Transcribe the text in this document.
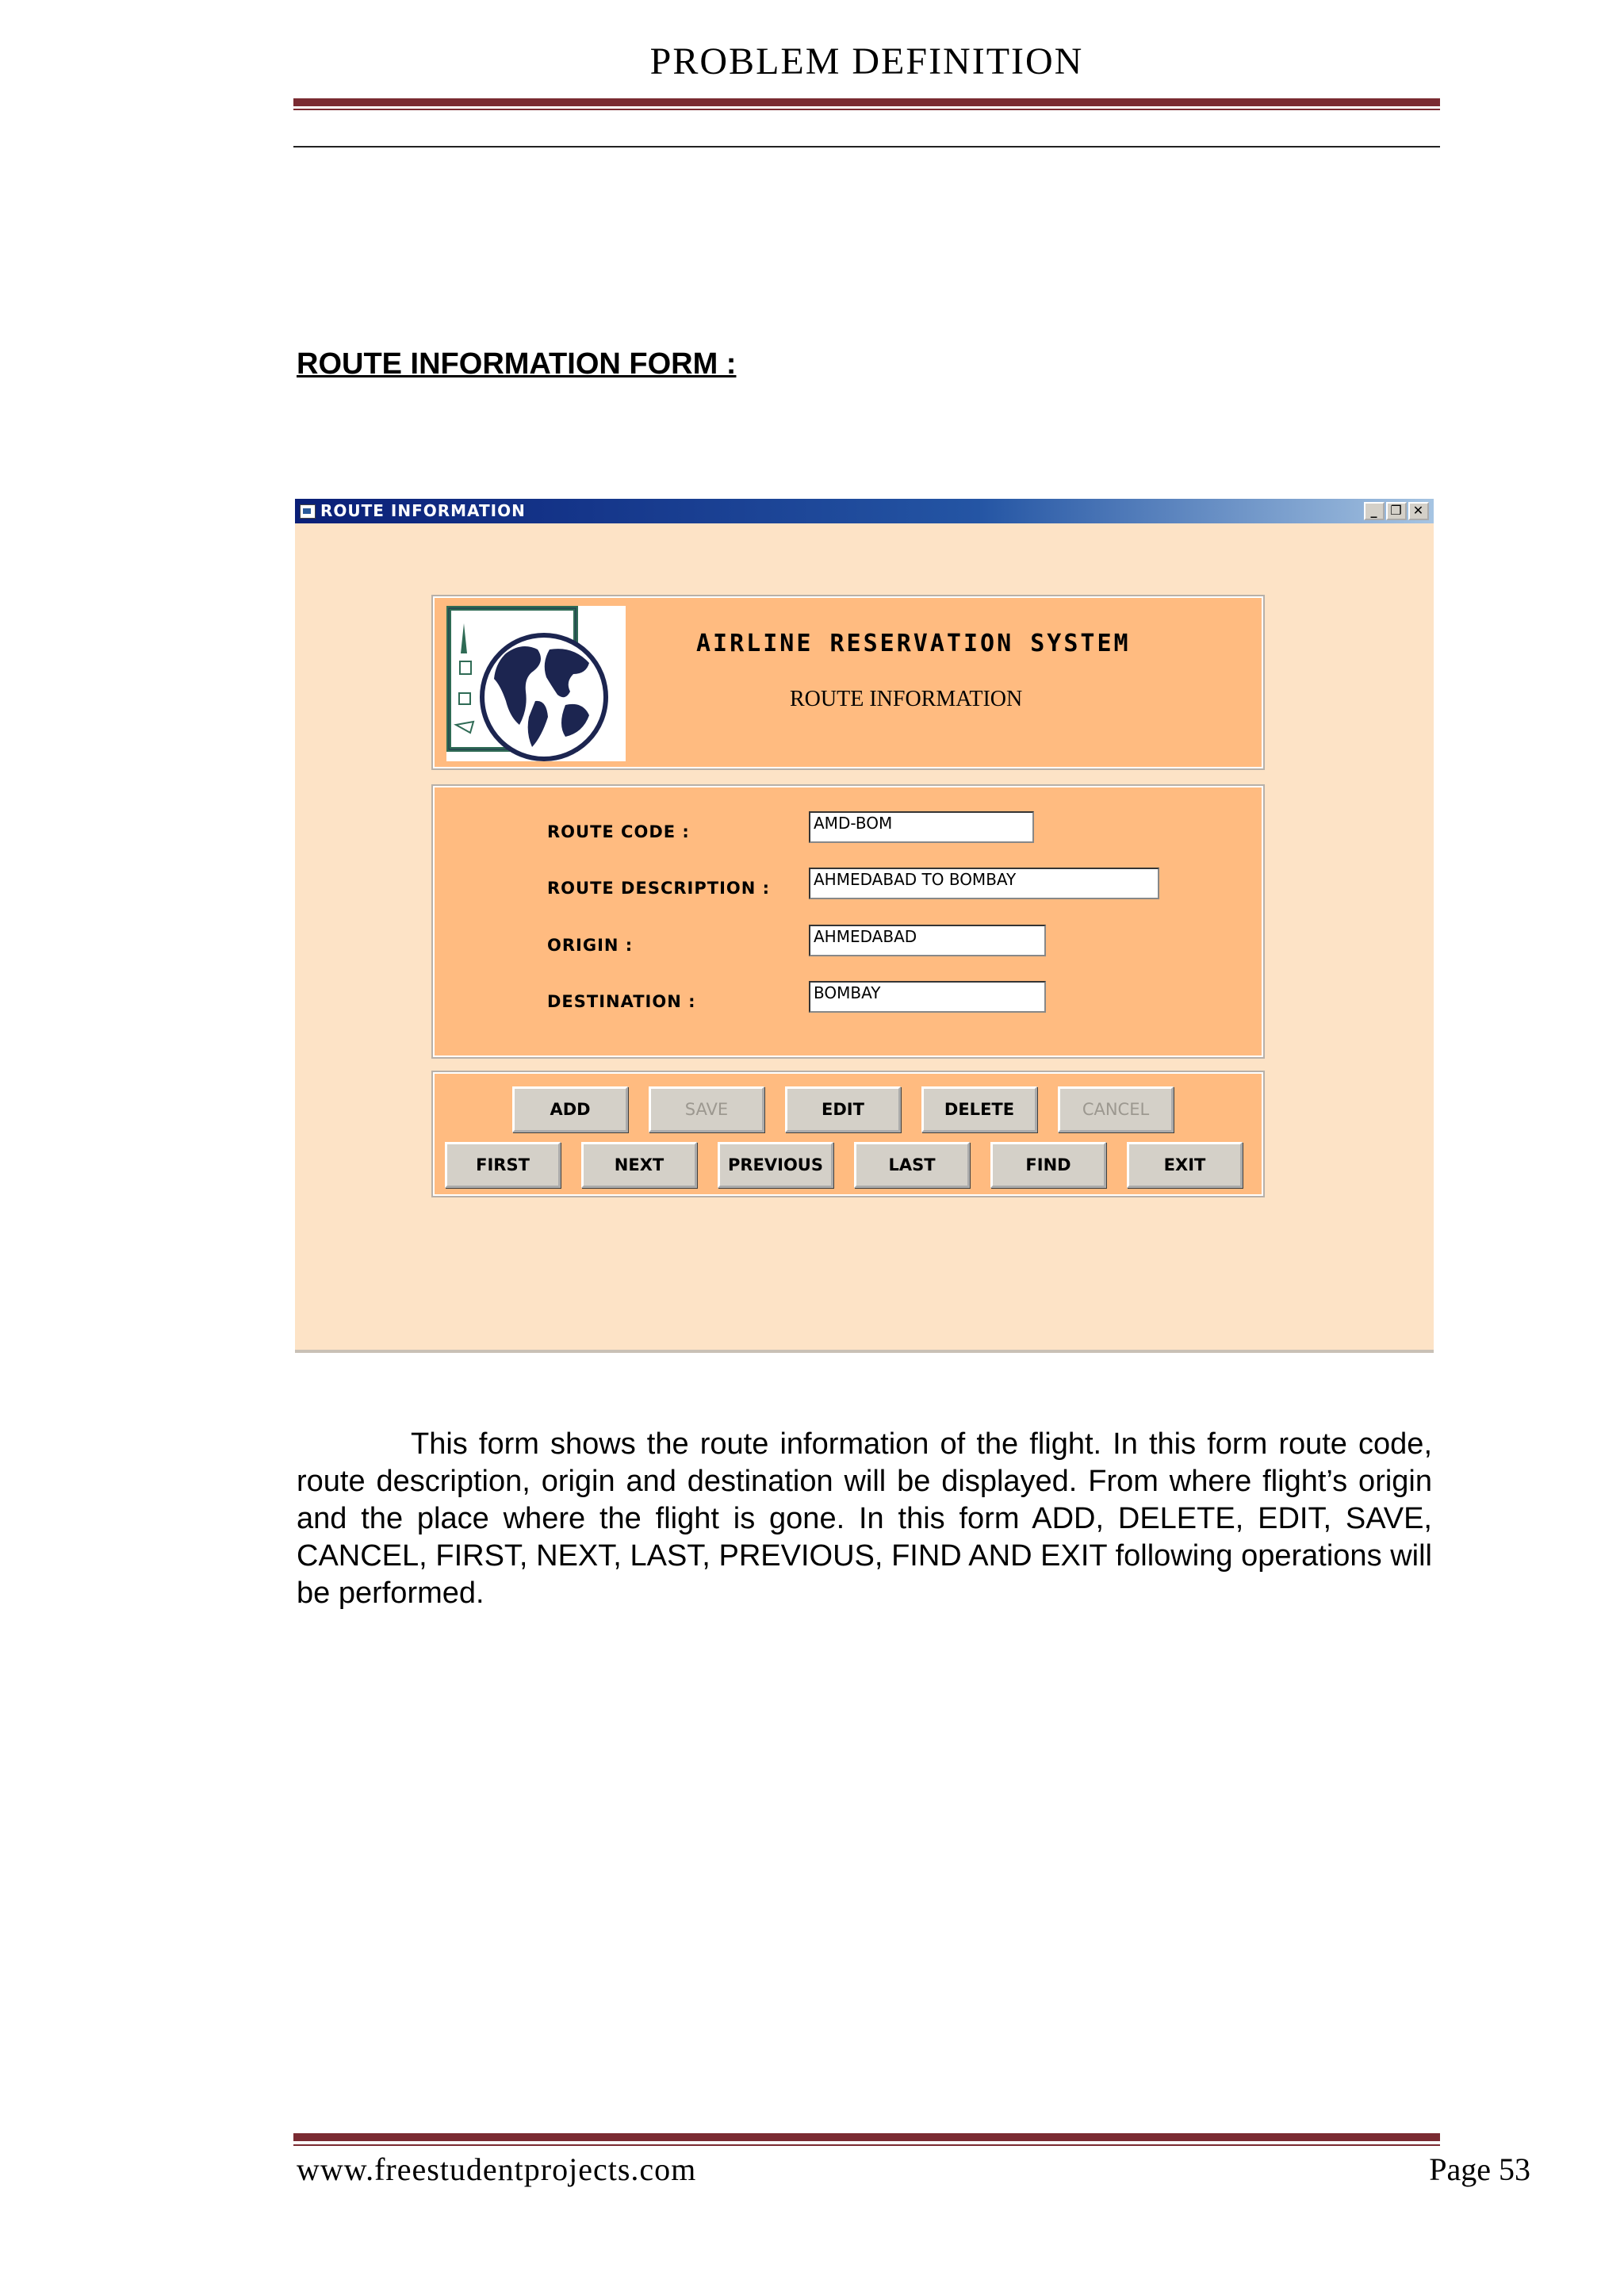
PROBLEM DEFINITION
ROUTE INFORMATION FORM :
ROUTE INFORMATION	_ ❐ ✕
AIRLINE RESERVATION SYSTEM
ROUTE INFORMATION
ROUTE CODE :	AMD-BOM
ROUTE DESCRIPTION :	AHMEDABAD TO BOMBAY
ORIGIN :	AHMEDABAD
DESTINATION :	BOMBAY
ADD	SAVE	EDIT	DELETE	CANCEL
FIRST	NEXT	PREVIOUS	LAST	FIND	EXIT
This form shows the route information of the flight. In this form route code, route description, origin and destination will be displayed. From where flight’s origin and the place where the flight is gone. In this form ADD, DELETE, EDIT, SAVE, CANCEL, FIRST, NEXT, LAST, PREVIOUS, FIND AND EXIT following operations will be performed.
www.freestudentprojects.com	Page 53
